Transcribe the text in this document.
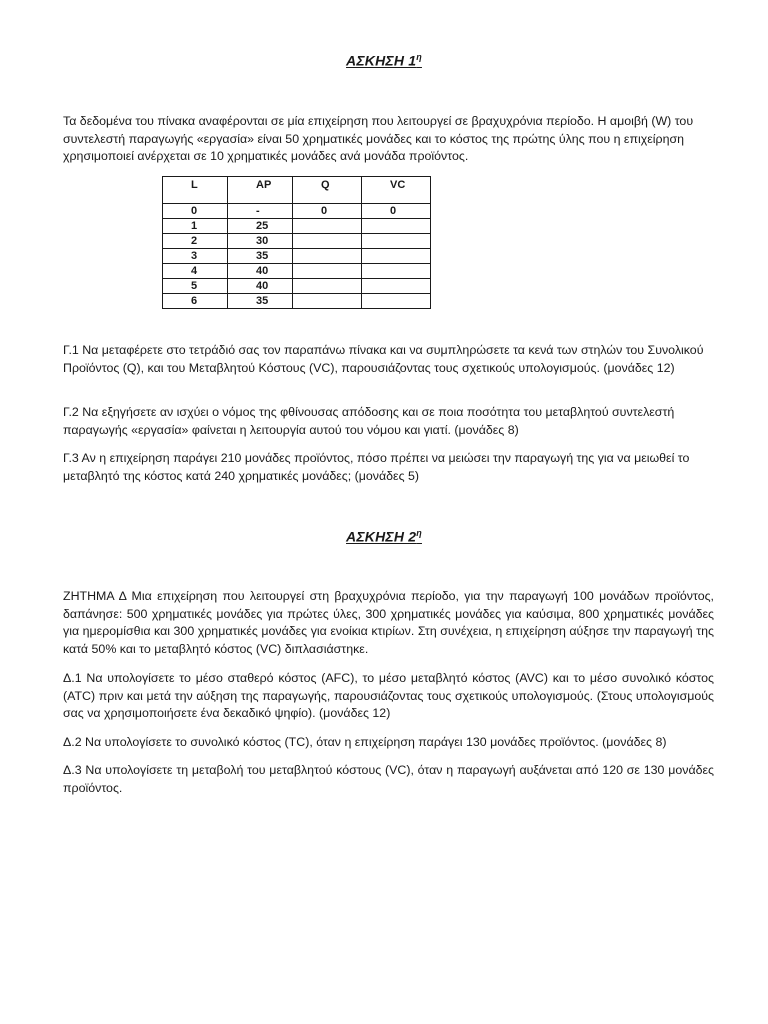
ΑΣΚΗΣΗ $1^\eta$

Τα δεδομένα του πίνακα αναφέρονται σε μία επιχείρηση που λειτουργεί σε βραχυχρόνια περίοδο. Η αμοιβή (W) του συντελεστή παραγωγής «εργασία» είναι 50 χρηματικές μονάδες και το κόστος της πρώτης ύλης που η επιχείρηση χρησιμοποιεί ανέρχεται σε 10 χρηματικές μονάδες ανά μονάδα προϊόντος.

L	AP	Q	VC
0	-	0	0
1	25		
2	30		
3	35		
4	40		
5	40		
6	35		

Γ.1 Να μεταφέρετε στο τετράδιό σας τον παραπάνω πίνακα και να συμπληρώσετε τα κενά των στηλών του Συνολικού Προϊόντος (Q), και του Μεταβλητού Κόστους (VC), παρουσιάζοντας τους σχετικούς υπολογισμούς. (μονάδες 12)

Γ.2 Να εξηγήσετε αν ισχύει ο νόμος της φθίνουσας απόδοσης και σε ποια ποσότητα του μεταβλητού συντελεστή παραγωγής «εργασία» φαίνεται η λειτουργία αυτού του νόμου και γιατί. (μονάδες 8)

Γ.3 Αν η επιχείρηση παράγει 210 μονάδες προϊόντος, πόσο πρέπει να μειώσει την παραγωγή της για να μειωθεί το μεταβλητό της κόστος κατά 240 χρηματικές μονάδες; (μονάδες 5)

ΑΣΚΗΣΗ $2^\eta$

ΖΗΤΗΜΑ Δ Μια επιχείρηση που λειτουργεί στη βραχυχρόνια περίοδο, για την παραγωγή 100 μονάδων προϊόντος, δαπάνησε: 500 χρηματικές μονάδες για πρώτες ύλες, 300 χρηματικές μονάδες για καύσιμα, 800 χρηματικές μονάδες για ημερομίσθια και 300 χρηματικές μονάδες για ενοίκια κτιρίων. Στη συνέχεια, η επιχείρηση αύξησε την παραγωγή της κατά 50% και το μεταβλητό κόστος (VC) διπλασιάστηκε.

Δ.1 Να υπολογίσετε το μέσο σταθερό κόστος (AFC), το μέσο μεταβλητό κόστος (AVC) και το μέσο συνολικό κόστος (ATC) πριν και μετά την αύξηση της παραγωγής, παρουσιάζοντας τους σχετικούς υπολογισμούς. (Στους υπολογισμούς σας να χρησιμοποιήσετε ένα δεκαδικό ψηφίο). (μονάδες 12)

Δ.2 Να υπολογίσετε το συνολικό κόστος (TC), όταν η επιχείρηση παράγει 130 μονάδες προϊόντος. (μονάδες 8)

Δ.3 Να υπολογίσετε τη μεταβολή του μεταβλητού κόστους (VC), όταν η παραγωγή αυξάνεται από 120 σε 130 μονάδες προϊόντος.
